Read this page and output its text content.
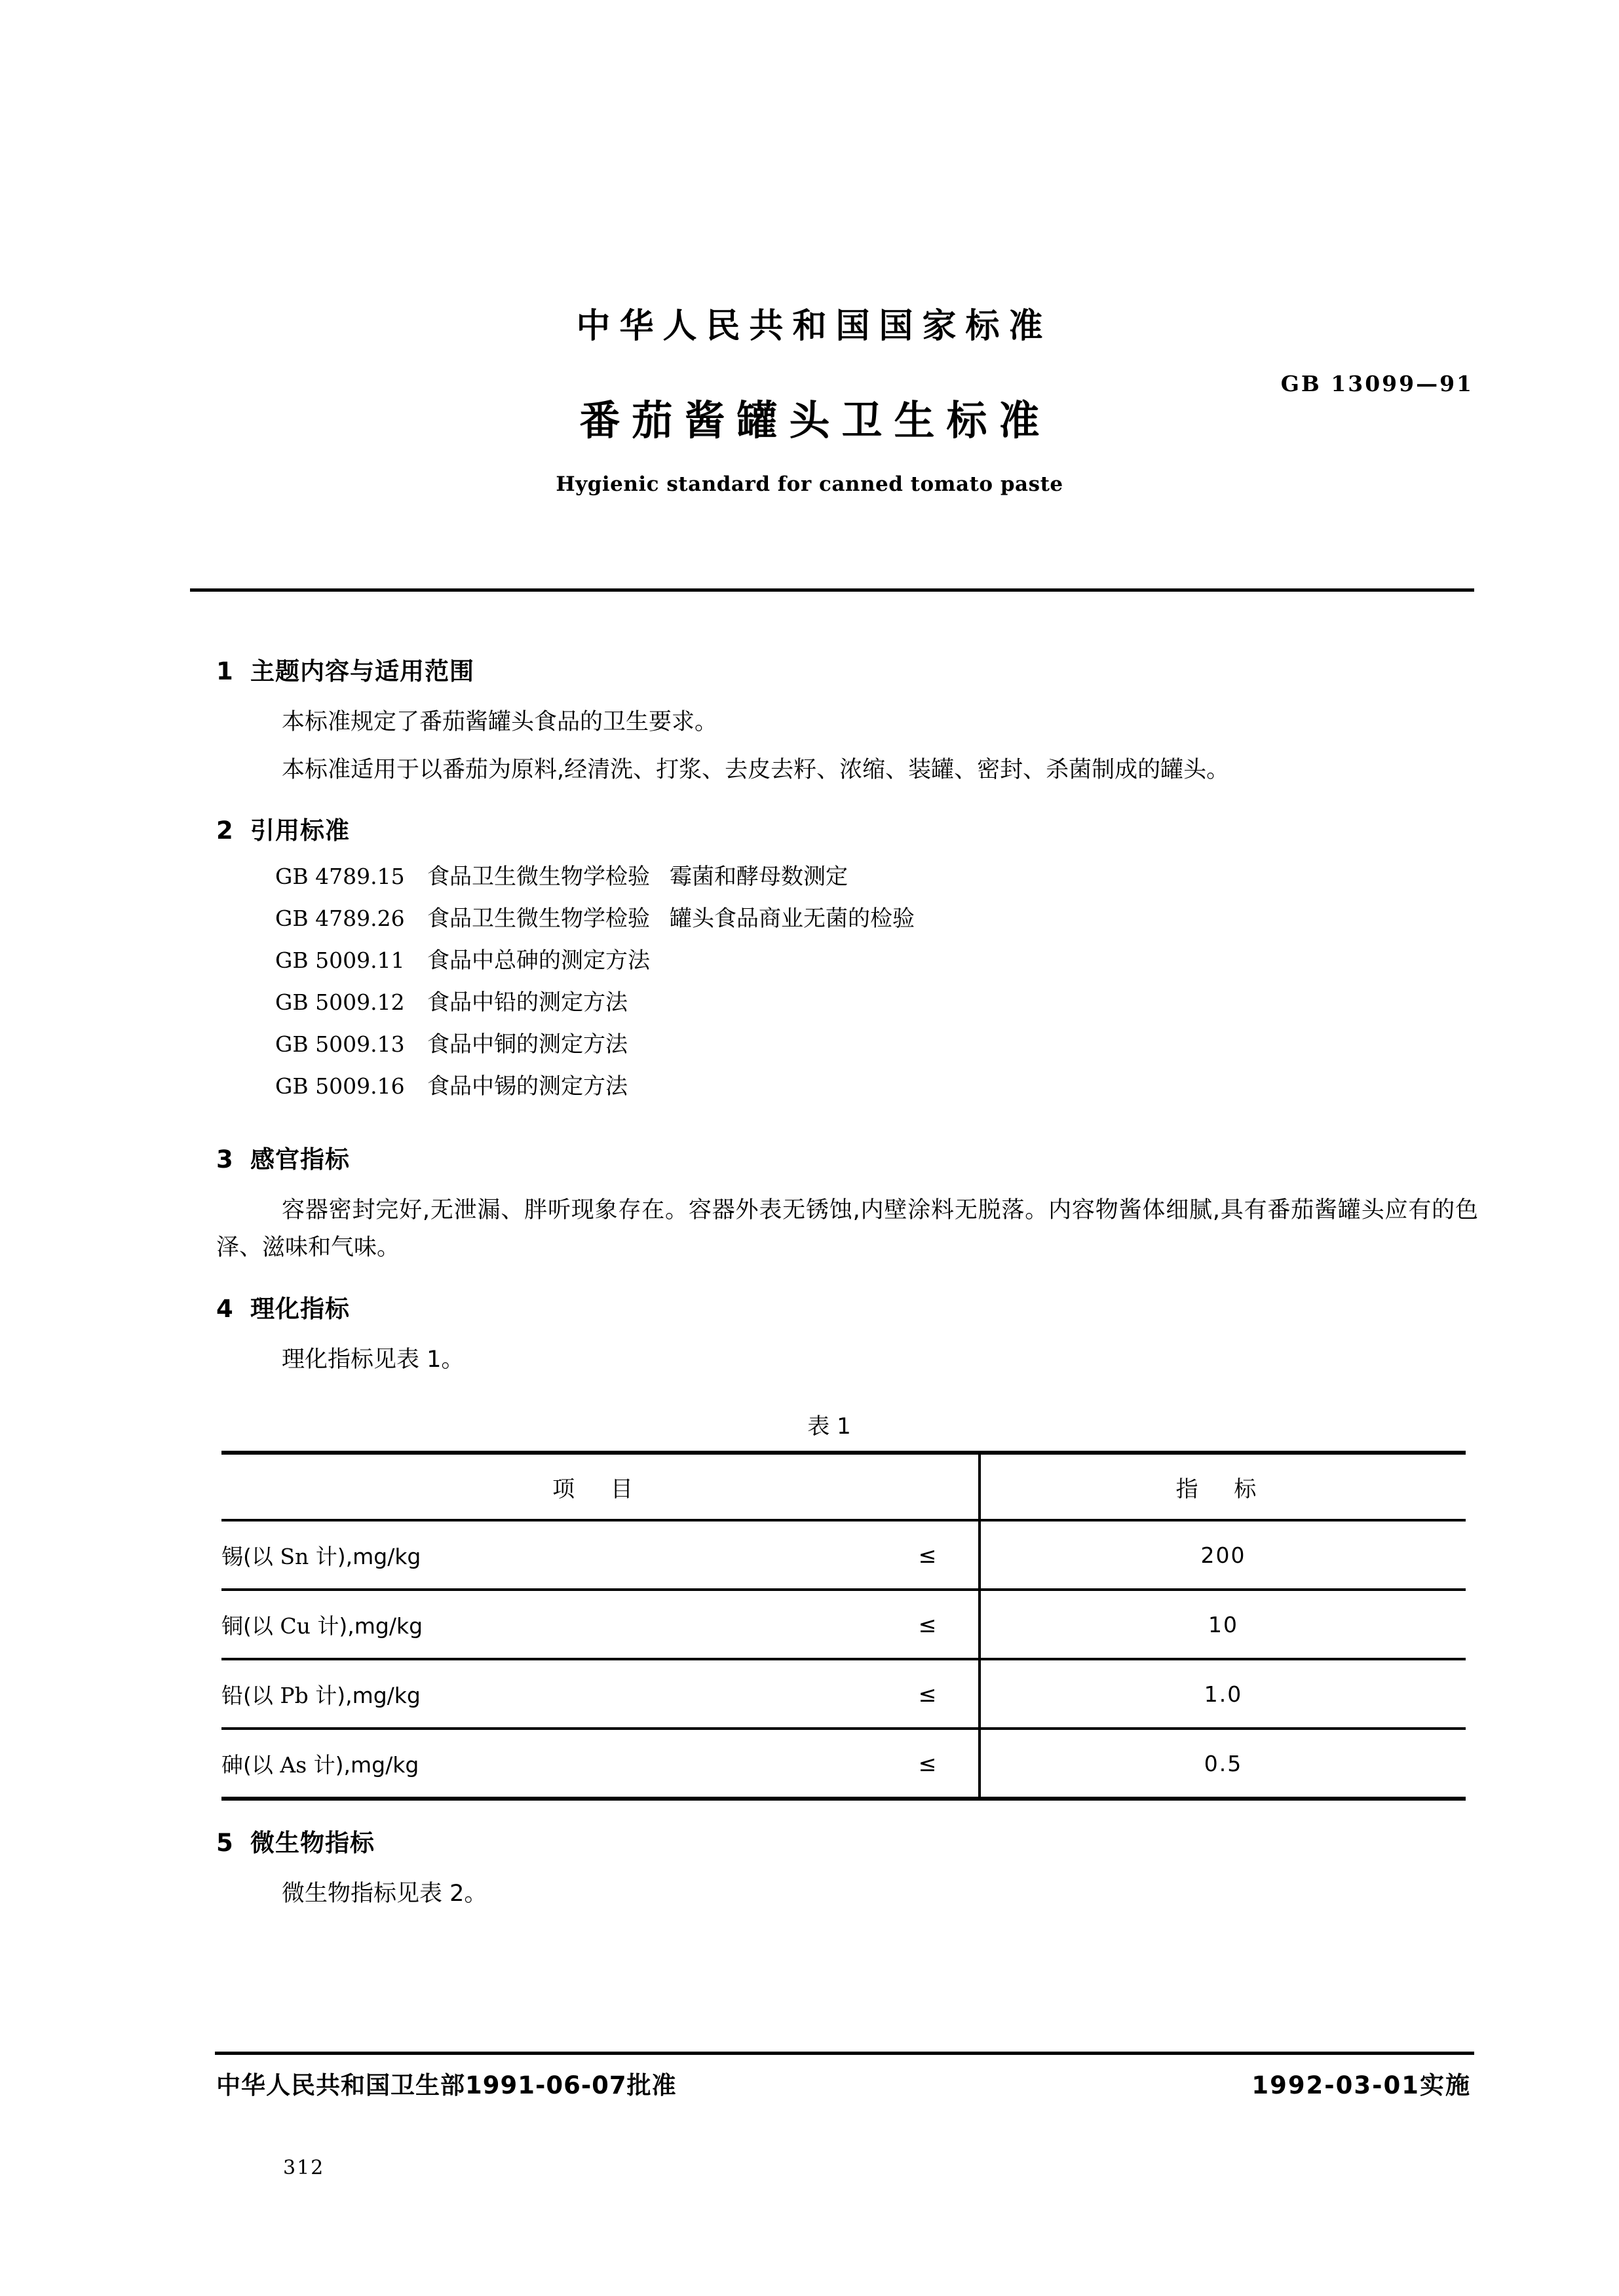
中华人民共和国国家标准
番茄酱罐头卫生标准
GB 13099—91
Hygienic standard for canned tomato paste
1 主题内容与适用范围
本标准规定了番茄酱罐头食品的卫生要求。
本标准适用于以番茄为原料,经清洗、打浆、去皮去籽、浓缩、装罐、密封、杀菌制成的罐头。
2 引用标准
GB 4789.15 食品卫生微生物学检验 霉菌和酵母数测定
GB 4789.26 食品卫生微生物学检验 罐头食品商业无菌的检验
GB 5009.11 食品中总砷的测定方法
GB 5009.12 食品中铅的测定方法
GB 5009.13 食品中铜的测定方法
GB 5009.16 食品中锡的测定方法
3 感官指标
容器密封完好,无泄漏、胖听现象存在。容器外表无锈蚀,内壁涂料无脱落。内容物酱体细腻,具有番茄酱罐头应有的色泽、滋味和气味。
4 理化指标
理化指标见表 1。
表 1
项 目		指 标
锡(以 Sn 计),mg/kg	≤	200
铜(以 Cu 计),mg/kg	≤	10
铅(以 Pb 计),mg/kg	≤	1.0
砷(以 As 计),mg/kg	≤	0.5
5 微生物指标
微生物指标见表 2。
中华人民共和国卫生部1991-06-07批准	1992-03-01实施
312
